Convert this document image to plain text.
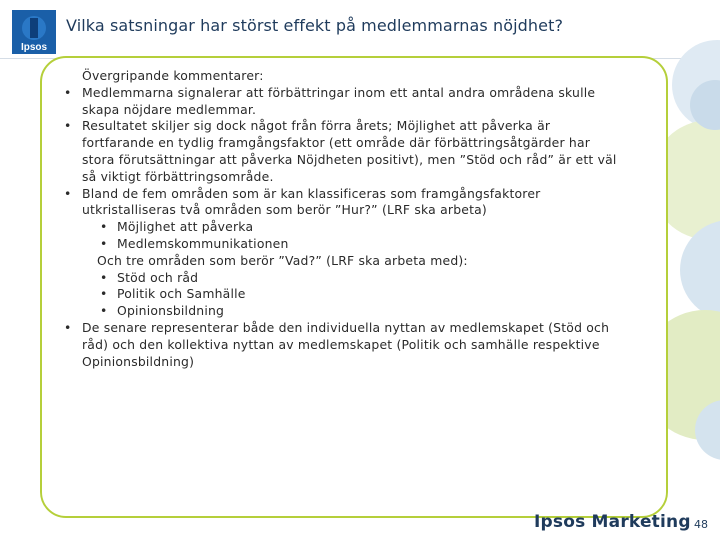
Ipsos
Vilka satsningar har störst effekt på medlemmarnas nöjdhet?
Övergripande kommentarer:
• Medlemmarna signalerar att förbättringar inom ett antal andra områdena skulle skapa nöjdare medlemmar.
• Resultatet skiljer sig dock något från förra årets; Möjlighet att påverka är fortfarande en tydlig framgångsfaktor (ett område där förbättringsåtgärder har stora förutsättningar att påverka Nöjdheten positivt), men ”Stöd och råd” är ett väl så viktigt förbättringsområde.
• Bland de fem områden som är kan klassificeras som framgångsfaktorer utkristalliseras två områden som berör ”Hur?” (LRF ska arbeta)
• Möjlighet att påverka
• Medlemskommunikationen
Och tre områden som berör ”Vad?” (LRF ska arbeta med):
• Stöd och råd
• Politik och Samhälle
• Opinionsbildning
• De senare representerar både den individuella nyttan av medlemskapet (Stöd och råd) och den kollektiva nyttan av medlemskapet (Politik och samhälle respektive Opinionsbildning)
Ipsos Marketing 48
